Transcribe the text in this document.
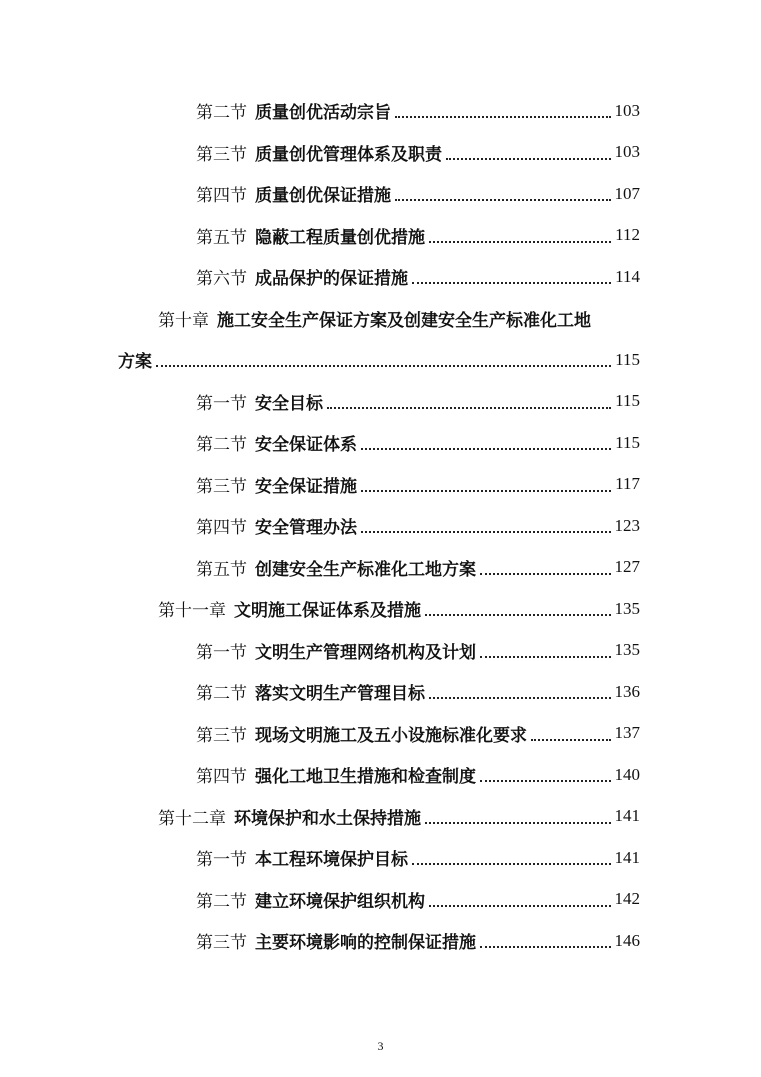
第二节 质量创优活动宗旨	103
第三节 质量创优管理体系及职责	103
第四节 质量创优保证措施	107
第五节 隐蔽工程质量创优措施	112
第六节 成品保护的保证措施	114
第十章 施工安全生产保证方案及创建安全生产标准化工地
方案	115
第一节 安全目标	115
第二节 安全保证体系	115
第三节 安全保证措施	117
第四节 安全管理办法	123
第五节 创建安全生产标准化工地方案	127
第十一章 文明施工保证体系及措施	135
第一节 文明生产管理网络机构及计划	135
第二节 落实文明生产管理目标	136
第三节 现场文明施工及五小设施标准化要求	137
第四节 强化工地卫生措施和检查制度	140
第十二章 环境保护和水土保持措施	141
第一节 本工程环境保护目标	141
第二节 建立环境保护组织机构	142
第三节 主要环境影响的控制保证措施	146
3
